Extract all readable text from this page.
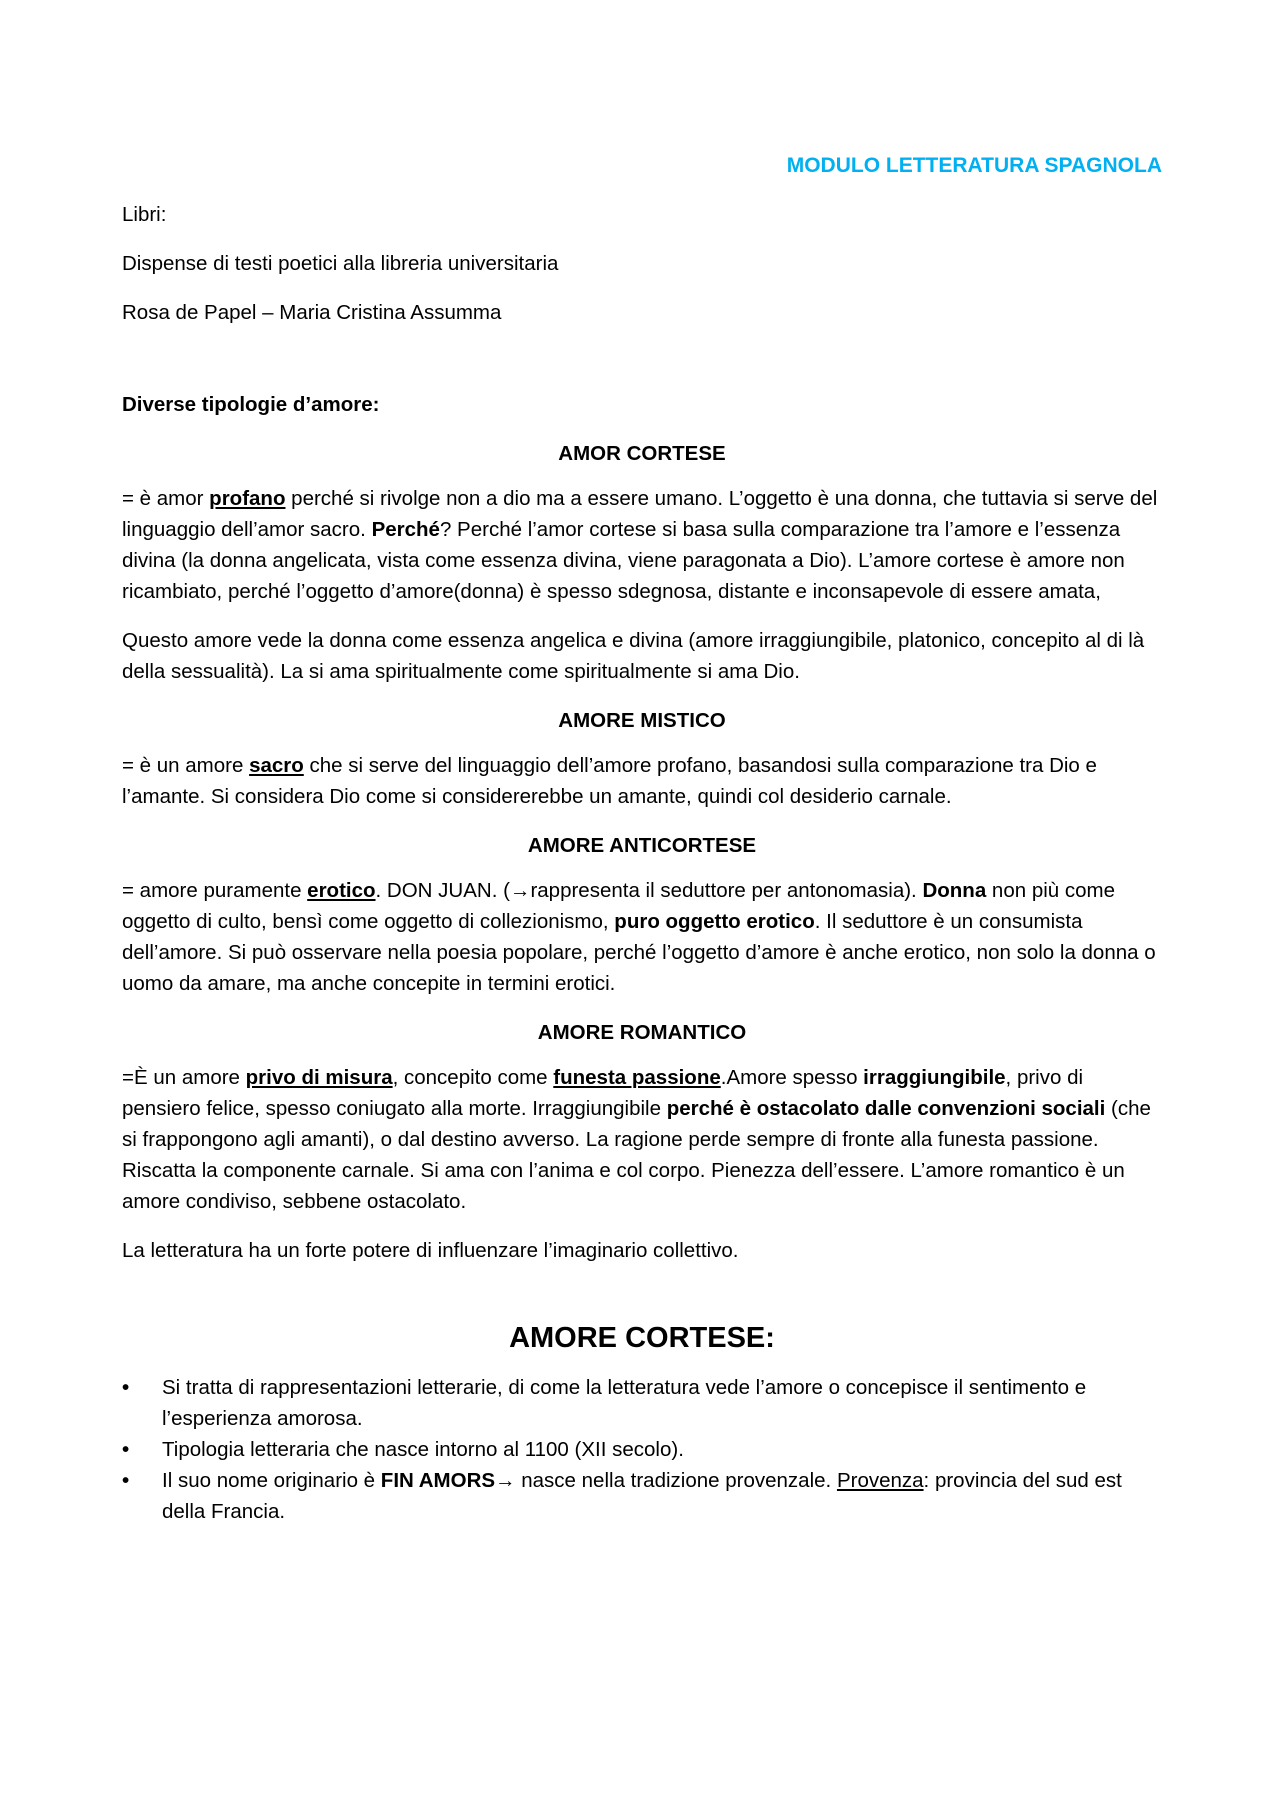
MODULO LETTERATURA SPAGNOLA

Libri:

Dispense di testi poetici alla libreria universitaria

Rosa de Papel – Maria Cristina Assumma

Diverse tipologie d’amore:

AMOR CORTESE

= è amor profano perché si rivolge non a dio ma a essere umano. L’oggetto è una donna, che tuttavia si serve del linguaggio dell’amor sacro. Perché? Perché l’amor cortese si basa sulla comparazione tra l’amore e l’essenza divina (la donna angelicata, vista come essenza divina, viene paragonata a Dio). L’amore cortese è amore non ricambiato, perché l’oggetto d’amore(donna) è spesso sdegnosa, distante e inconsapevole di essere amata,

Questo amore vede la donna come essenza angelica e divina (amore irraggiungibile, platonico, concepito al di là della sessualità). La si ama spiritualmente come spiritualmente si ama Dio.

AMORE MISTICO

= è un amore sacro che si serve del linguaggio dell’amore profano, basandosi sulla comparazione tra Dio e l’amante. Si considera Dio come si considererebbe un amante, quindi col desiderio carnale.

AMORE ANTICORTESE

= amore puramente erotico. DON JUAN. (→rappresenta il seduttore per antonomasia). Donna non più come oggetto di culto, bensì come oggetto di collezionismo, puro oggetto erotico. Il seduttore è un consumista dell’amore. Si può osservare nella poesia popolare, perché l’oggetto d’amore è anche erotico, non solo la donna o uomo da amare, ma anche concepite in termini erotici.

AMORE ROMANTICO

=È un amore privo di misura, concepito come funesta passione.Amore spesso irraggiungibile, privo di pensiero felice, spesso coniugato alla morte. Irraggiungibile perché è ostacolato dalle convenzioni sociali (che si frappongono agli amanti), o dal destino avverso. La ragione perde sempre di fronte alla funesta passione. Riscatta la componente carnale. Si ama con l’anima e col corpo. Pienezza dell’essere. L’amore romantico è un amore condiviso, sebbene ostacolato.

La letteratura ha un forte potere di influenzare l’imaginario collettivo.

AMORE CORTESE:
•	Si tratta di rappresentazioni letterarie, di come la letteratura vede l’amore o concepisce il sentimento e l’esperienza amorosa.
•	Tipologia letteraria che nasce intorno al 1100 (XII secolo).
•	Il suo nome originario è FIN AMORS→ nasce nella tradizione provenzale. Provenza: provincia del sud est della Francia.
